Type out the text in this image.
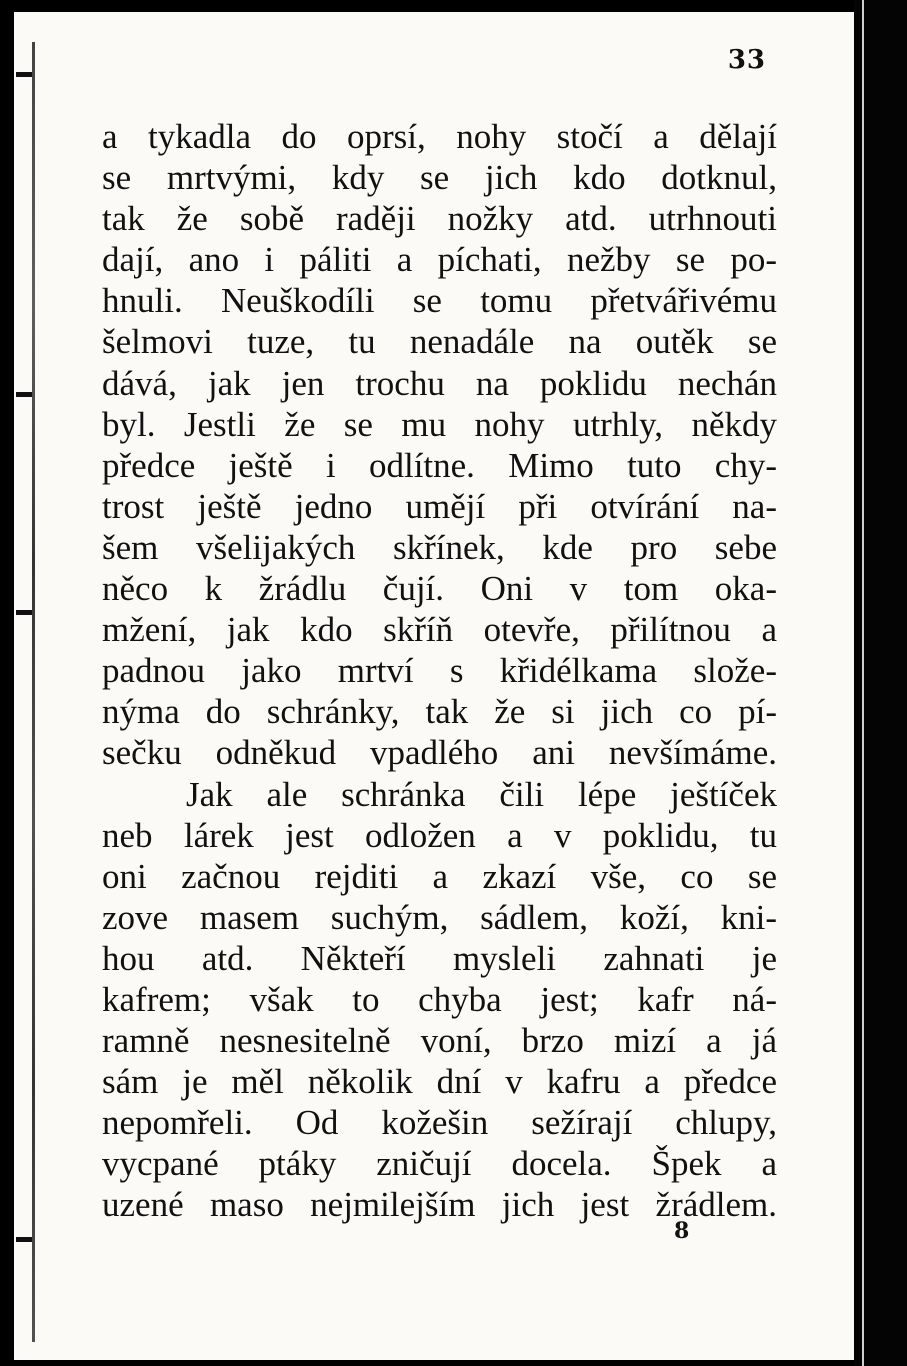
33
a tykadla do oprsí, nohy stočí a dělají
se mrtvými, kdy se jich kdo dotknul,
tak že sobě raději nožky atd. utrhnouti
dají, ano i páliti a píchati, nežby se po-
hnuli. Neuškodíli se tomu přetvářivému
šelmovi tuze, tu nenadále na outěk se
dává, jak jen trochu na poklidu nechán
byl. Jestli že se mu nohy utrhly, někdy
předce ještě i odlítne. Mimo tuto chy-
trost ještě jedno umějí při otvírání na-
šem všelijakých skřínek, kde pro sebe
něco k žrádlu čují. Oni v tom oka-
mžení, jak kdo skříň otevře, přilítnou a
padnou jako mrtví s křidélkama slože-
nýma do schránky, tak že si jich co pí-
sečku odněkud vpadlého ani nevšímáme.
Jak ale schránka čili lépe ještíček
neb lárek jest odložen a v poklidu, tu
oni začnou rejditi a zkazí vše, co se
zove masem suchým, sádlem, koží, kni-
hou atd. Někteří mysleli zahnati je
kafrem; však to chyba jest; kafr ná-
ramně nesnesitelně voní, brzo mizí a já
sám je měl několik dní v kafru a předce
nepomřeli. Od kožešin sežírají chlupy,
vycpané ptáky zničují docela. Špek a
uzené maso nejmilejším jich jest žrádlem.
8
